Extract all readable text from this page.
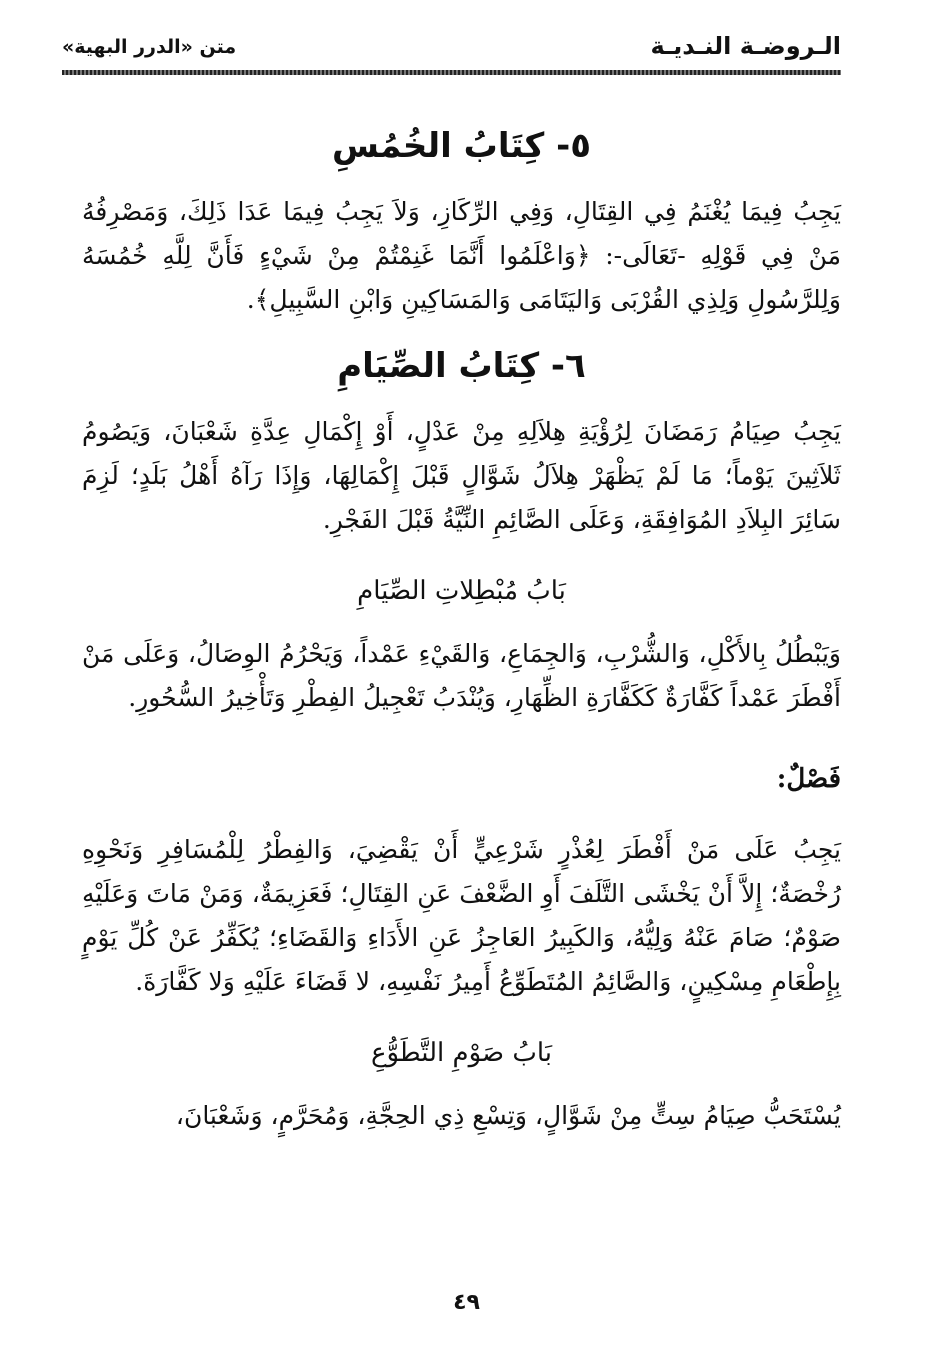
الـروضـة النـديـة
متن «الدرر البهية»
٥- كِتَابُ الخُمُسِ

يَجِبُ فِيمَا يُغْنَمُ فِي القِتَالِ، وَفِي الرِّكَازِ، وَلاَ يَجِبُ فِيمَا عَدَا ذَلِكَ، وَمَصْرِفُهُ مَنْ فِي قَوْلِهِ -تَعَالَى-: ﴿وَاعْلَمُوا أَنَّمَا غَنِمْتُمْ مِنْ شَيْءٍ فَأَنَّ لِلَّهِ خُمُسَهُ وَلِلرَّسُولِ وَلِذِي القُرْبَى وَاليَتَامَى وَالمَسَاكِينِ وَابْنِ السَّبِيلِ﴾.

٦- كِتَابُ الصِّيَامِ

يَجِبُ صِيَامُ رَمَضَانَ لِرُؤْيَةِ هِلاَلِهِ مِنْ عَدْلٍ، أَوْ إِكْمَالِ عِدَّةِ شَعْبَانَ، وَيَصُومُ ثَلاَثِينَ يَوْماً؛ مَا لَمْ يَظْهَرْ هِلاَلُ شَوَّالٍ قَبْلَ إِكْمَالِهَا، وَإِذَا رَآهُ أَهْلُ بَلَدٍ؛ لَزِمَ سَائِرَ البِلاَدِ المُوَافِقَةِ، وَعَلَى الصَّائِمِ النِّيَّةُ قَبْلَ الفَجْرِ.

بَابُ مُبْطِلاتِ الصِّيَامِ

وَيَبْطُلُ بِالأَكْلِ، وَالشُّرْبِ، وَالجِمَاعِ، وَالقَيْءِ عَمْداً، وَيَحْرُمُ الوِصَالُ، وَعَلَى مَنْ أَفْطَرَ عَمْداً كَفَّارَةٌ كَكَفَّارَةِ الظِّهَارِ، وَيُنْدَبُ تَعْجِيلُ الفِطْرِ وَتَأْخِيرُ السُّحُورِ.

فَصْلٌ:

يَجِبُ عَلَى مَنْ أَفْطَرَ لِعُذْرٍ شَرْعِيٍّ أَنْ يَقْضِيَ، وَالفِطْرُ لِلْمُسَافِرِ وَنَحْوِهِ رُخْصَةٌ؛ إِلاَّ أَنْ يَخْشَى التَّلَفَ أَوِ الضَّعْفَ عَنِ القِتَالِ؛ فَعَزِيمَةٌ، وَمَنْ مَاتَ وَعَلَيْهِ صَوْمٌ؛ صَامَ عَنْهُ وَلِيُّهُ، وَالكَبِيرُ العَاجِزُ عَنِ الأَدَاءِ وَالقَضَاءِ؛ يُكَفِّرُ عَنْ كُلِّ يَوْمٍ بِإِطْعَامِ مِسْكِينٍ، وَالصَّائِمُ المُتَطَوِّعُ أَمِيرُ نَفْسِهِ، لا قَضَاءَ عَلَيْهِ وَلا كَفَّارَةَ.

بَابُ صَوْمِ التَّطَوُّعِ

يُسْتَحَبُّ صِيَامُ سِتٍّ مِنْ شَوَّالٍ، وَتِسْعِ ذِي الحِجَّةِ، وَمُحَرَّمٍ، وَشَعْبَانَ،

٤٩
